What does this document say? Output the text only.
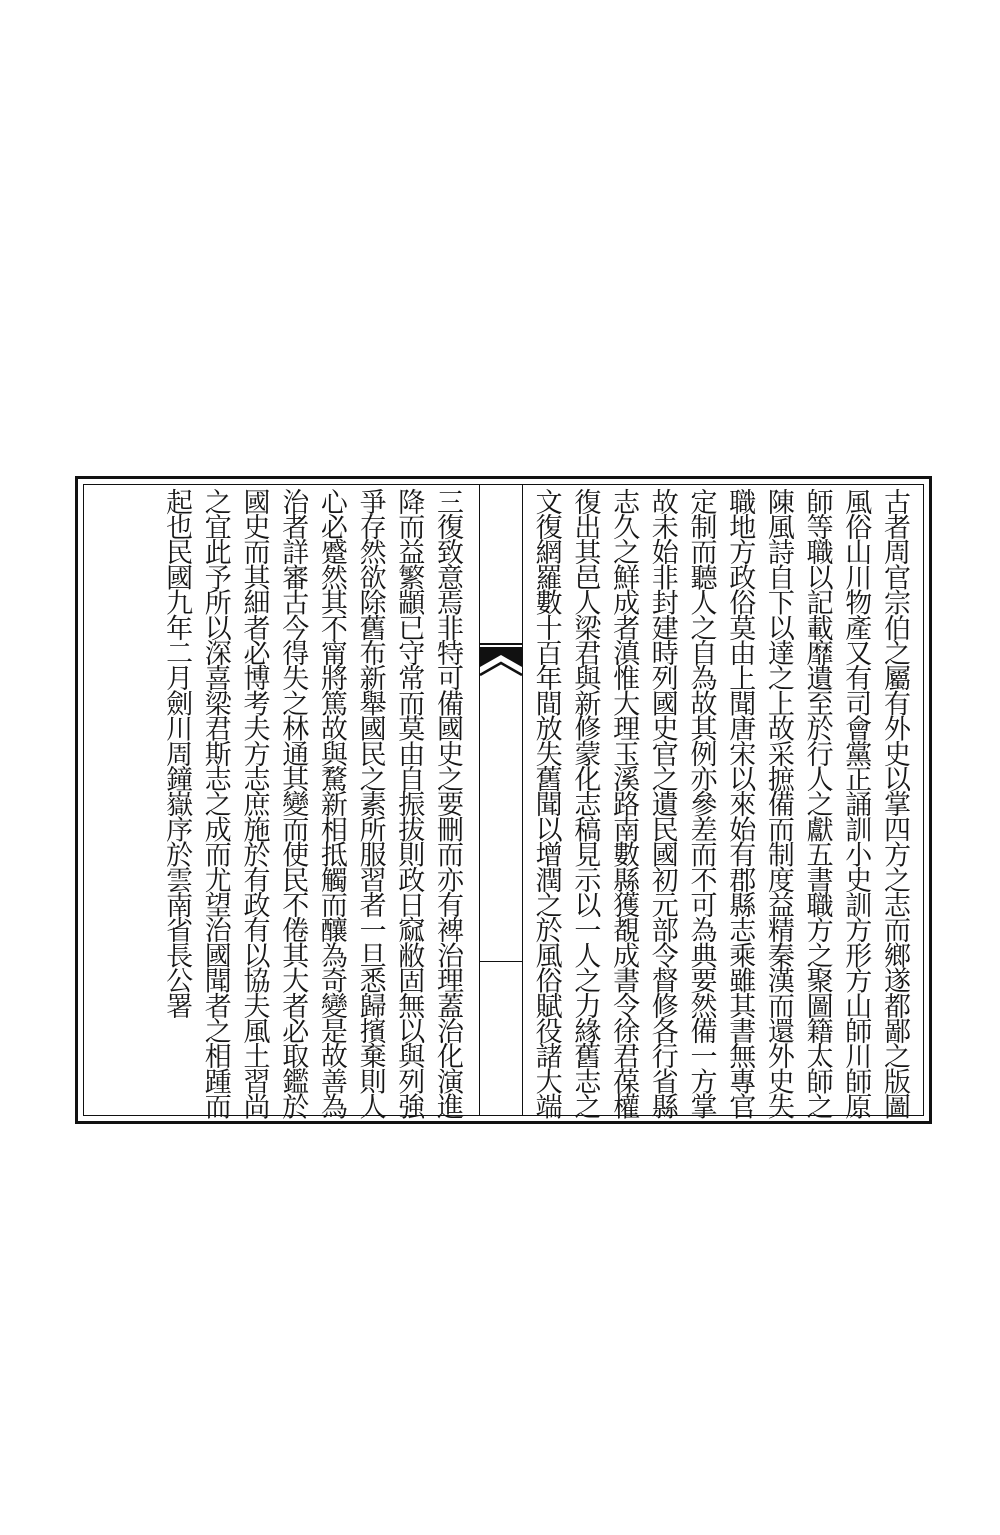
古者周官宗伯之屬有外史以掌四方之志而鄉遂都鄙之版圖
風俗山川物產又有司會黨正誦訓小史訓方形方山師川師原
師等職以記載靡遺至於行人之獻五書職方之聚圖籍太師之
陳風詩自下以達之上故采摭備而制度益精秦漢而還外史失
職地方政俗莫由上聞唐宋以來始有郡縣志乘雖其書無專官
定制而聽人之自為故其例亦參差而不可為典要然備一方掌
故未始非封建時列國史官之遺民國初元部令督修各行省縣
志久之鮮成者滇惟大理玉溪路南數縣獲覩成書令徐君葆權
復出其邑人梁君與新修蒙化志稿見示以一人之力緣舊志之
文復網羅數十百年間放失舊聞以增潤之於風俗賦役諸大端
三復致意焉非特可備國史之要刪而亦有裨治理蓋治化演進
降而益繁顓已守常而莫由自振拔則政日窳敝固無以與列強
爭存然欲除舊布新舉國民之素所服習者一旦悉歸擯棄則人
心必蹙然其不甯將篤故與騖新相抵觸而釀為奇變是故善為
治者詳審古今得失之林通其變而使民不倦其大者必取鑑於
國史而其細者必博考夫方志庶施於有政有以協夫風土習尚
之宜此予所以深喜梁君斯志之成而尤望治國聞者之相踵而
起也民國九年二月劍川周鐘嶽序於雲南省長公署
